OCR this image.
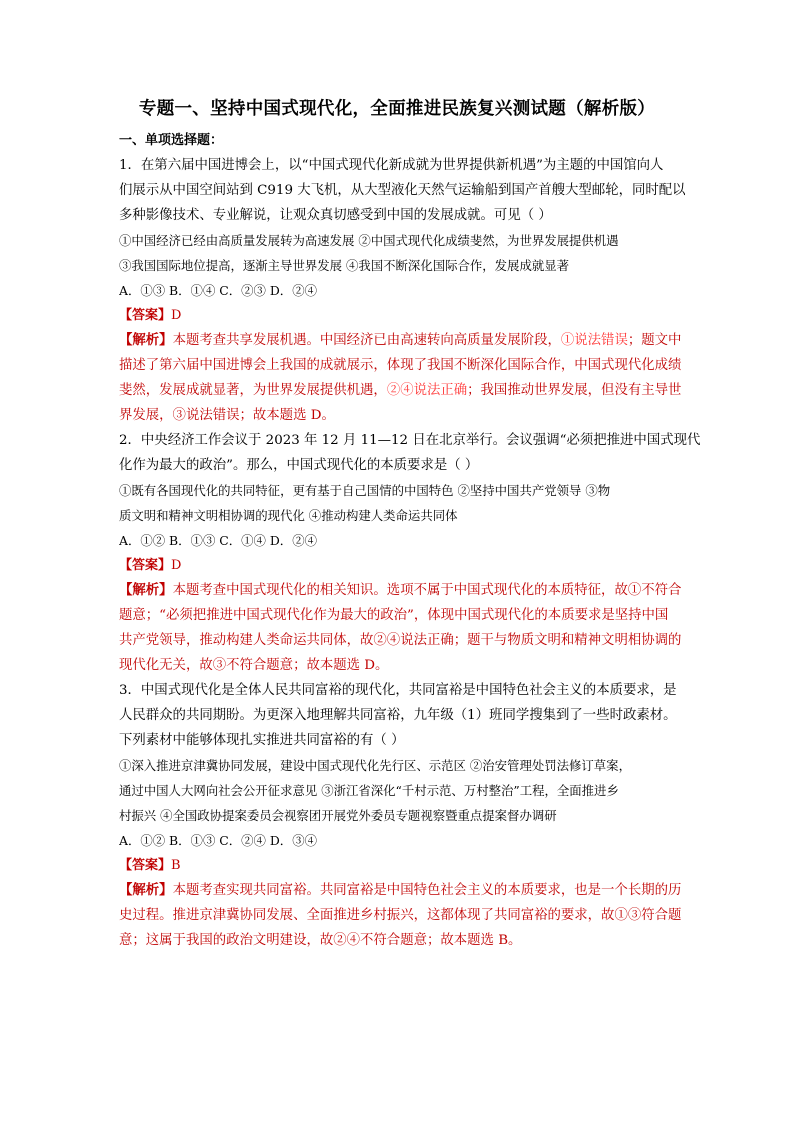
专题一、坚持中国式现代化，全面推进民族复兴测试题（解析版）
一、单项选择题：
1．在第六届中国进博会上，以“中国式现代化新成就为世界提供新机遇”为主题的中国馆向人
们展示从中国空间站到 C919 大飞机，从大型液化天然气运输船到国产首艘大型邮轮，同时配以
多种影像技术、专业解说，让观众真切感受到中国的发展成就。可见（ ）
①中国经济已经由高质量发展转为高速发展 ②中国式现代化成绩斐然，为世界发展提供机遇
③我国国际地位提高，逐渐主导世界发展 ④我国不断深化国际合作，发展成就显著
A．①③ B．①④ C．②③ D．②④
【答案】D
【解析】本题考查共享发展机遇。中国经济已由高速转向高质量发展阶段，①说法错误；题文中
描述了第六届中国进博会上我国的成就展示，体现了我国不断深化国际合作，中国式现代化成绩
斐然，发展成就显著，为世界发展提供机遇，②④说法正确；我国推动世界发展，但没有主导世
界发展，③说法错误；故本题选 D。
2．中央经济工作会议于 2023 年 12 月 11—12 日在北京举行。会议强调“必须把推进中国式现代
化作为最大的政治”。那么，中国式现代化的本质要求是（ ）
①既有各国现代化的共同特征，更有基于自己国情的中国特色 ②坚持中国共产党领导 ③物
质文明和精神文明相协调的现代化 ④推动构建人类命运共同体
A．①② B．①③ C．①④ D．②④
【答案】D
【解析】本题考查中国式现代化的相关知识。选项不属于中国式现代化的本质特征，故①不符合
题意；“必须把推进中国式现代化作为最大的政治”，体现中国式现代化的本质要求是坚持中国
共产党领导，推动构建人类命运共同体，故②④说法正确；题干与物质文明和精神文明相协调的
现代化无关，故③不符合题意；故本题选 D。
3．中国式现代化是全体人民共同富裕的现代化，共同富裕是中国特色社会主义的本质要求，是
人民群众的共同期盼。为更深入地理解共同富裕，九年级（1）班同学搜集到了一些时政素材。
下列素材中能够体现扎实推进共同富裕的有（ ）
①深入推进京津冀协同发展，建设中国式现代化先行区、示范区 ②治安管理处罚法修订草案，
通过中国人大网向社会公开征求意见 ③浙江省深化“千村示范、万村整治”工程，全面推进乡
村振兴 ④全国政协提案委员会视察团开展党外委员专题视察暨重点提案督办调研
A．①② B．①③ C．②④ D．③④
【答案】B
【解析】本题考查实现共同富裕。共同富裕是中国特色社会主义的本质要求，也是一个长期的历
史过程。推进京津冀协同发展、全面推进乡村振兴，这都体现了共同富裕的要求，故①③符合题
意；这属于我国的政治文明建设，故②④不符合题意；故本题选 B。
